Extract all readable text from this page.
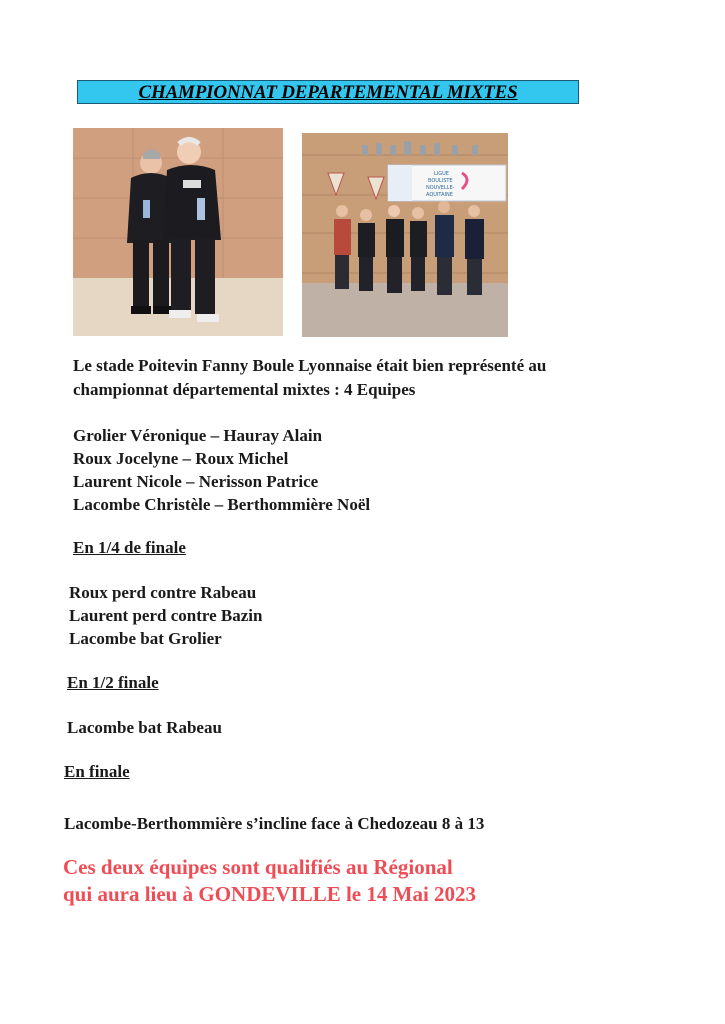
CHAMPIONNAT DEPARTEMENTAL MIXTES
LIGUE
BOULISTE
NOUVELLE-
AQUITAINE
Le stade Poitevin Fanny Boule Lyonnaise était bien représenté au
championnat départemental mixtes : 4 Equipes
Grolier Véronique – Hauray Alain
Roux Jocelyne – Roux Michel
Laurent Nicole – Nerisson Patrice
Lacombe Christèle – Berthommière Noël
En 1/4 de finale
Roux perd contre Rabeau
Laurent perd contre Bazin
Lacombe bat Grolier
En 1/2 finale
Lacombe bat Rabeau
En finale
Lacombe-Berthommière s’incline face à Chedozeau 8 à 13
Ces deux équipes sont qualifiés au Régional
qui aura lieu à GONDEVILLE le 14 Mai 2023
